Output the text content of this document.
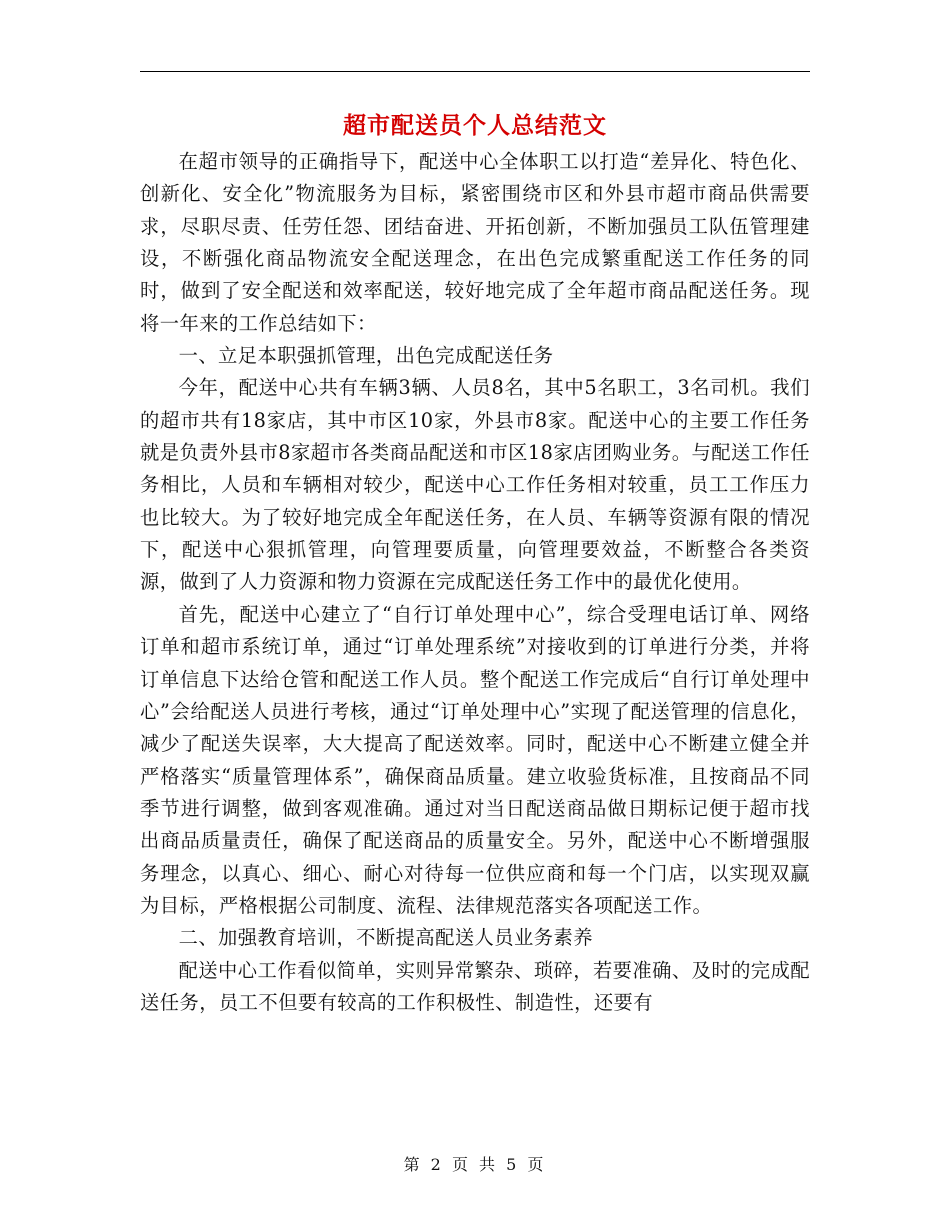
超市配送员个人总结范文

在超市领导的正确指导下，配送中心全体职工以打造“差异化、特色化、创新化、安全化”物流服务为目标，紧密围绕市区和外县市超市商品供需要求，尽职尽责、任劳任怨、团结奋进、开拓创新，不断加强员工队伍管理建设，不断强化商品物流安全配送理念，在出色完成繁重配送工作任务的同时，做到了安全配送和效率配送，较好地完成了全年超市商品配送任务。现将一年来的工作总结如下：

一、立足本职强抓管理，出色完成配送任务

今年，配送中心共有车辆3辆、人员8名，其中5名职工，3名司机。我们的超市共有18家店，其中市区10家，外县市8家。配送中心的主要工作任务就是负责外县市8家超市各类商品配送和市区18家店团购业务。与配送工作任务相比，人员和车辆相对较少，配送中心工作任务相对较重，员工工作压力也比较大。为了较好地完成全年配送任务，在人员、车辆等资源有限的情况下，配送中心狠抓管理，向管理要质量，向管理要效益，不断整合各类资源，做到了人力资源和物力资源在完成配送任务工作中的最优化使用。

首先，配送中心建立了“自行订单处理中心”，综合受理电话订单、网络订单和超市系统订单，通过“订单处理系统”对接收到的订单进行分类，并将订单信息下达给仓管和配送工作人员。整个配送工作完成后“自行订单处理中心”会给配送人员进行考核，通过“订单处理中心”实现了配送管理的信息化，减少了配送失误率，大大提高了配送效率。同时，配送中心不断建立健全并严格落实“质量管理体系”，确保商品质量。建立收验货标准，且按商品不同季节进行调整，做到客观准确。通过对当日配送商品做日期标记便于超市找出商品质量责任，确保了配送商品的质量安全。另外，配送中心不断增强服务理念，以真心、细心、耐心对待每一位供应商和每一个门店，以实现双赢为目标，严格根据公司制度、流程、法律规范落实各项配送工作。

二、加强教育培训，不断提高配送人员业务素养

配送中心工作看似简单，实则异常繁杂、琐碎，若要准确、及时的完成配送任务，员工不但要有较高的工作积极性、制造性，还要有

第 2 页 共 5 页
